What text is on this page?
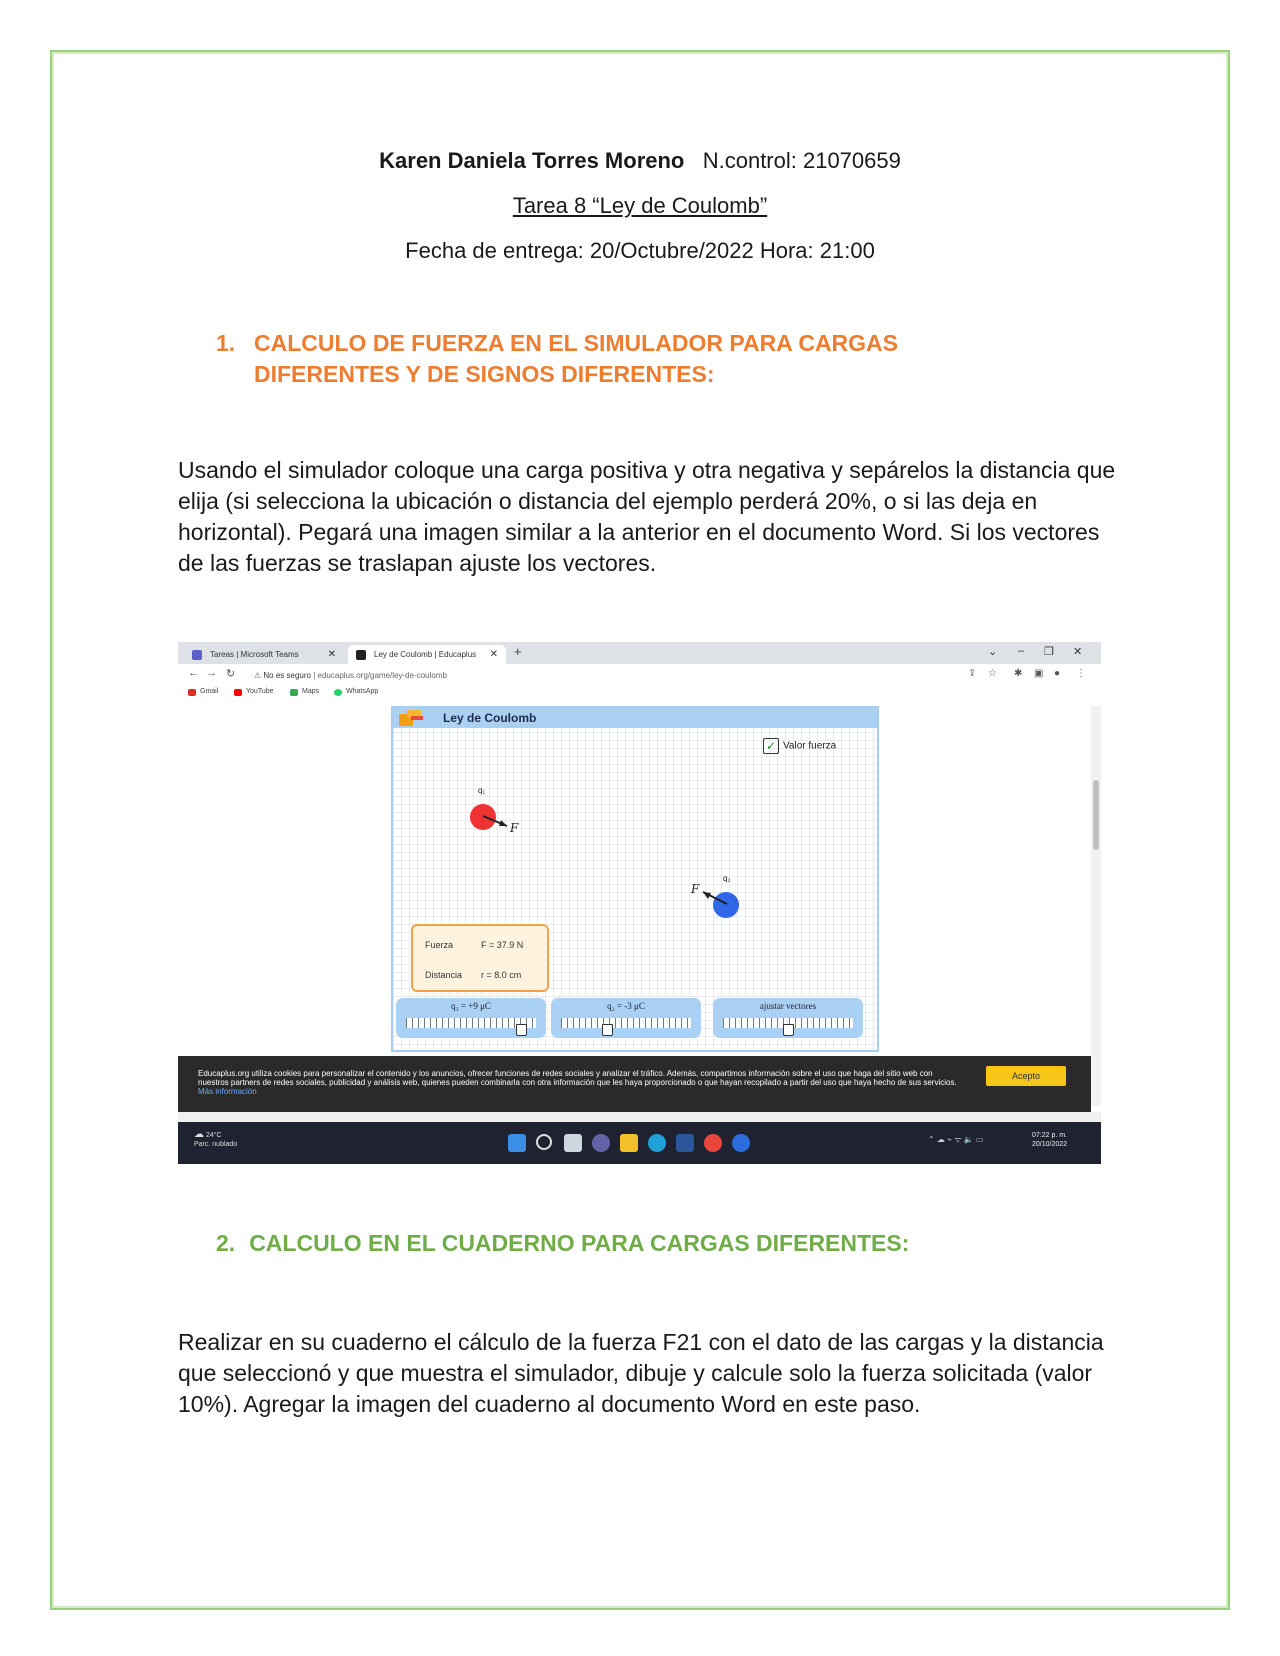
Karen Daniela Torres Moreno N.control: 21070659
Tarea 8 “Ley de Coulomb”
Fecha de entrega: 20/Octubre/2022 Hora: 21:00
1. CALCULO DE FUERZA EN EL SIMULADOR PARA CARGAS DIFERENTES Y DE SIGNOS DIFERENTES:
Usando el simulador coloque una carga positiva y otra negativa y sepárelos la distancia que elija (si selecciona la ubicación o distancia del ejemplo perderá 20%, o si las deja en horizontal). Pegará una imagen similar a la anterior en el documento Word. Si los vectores de las fuerzas se traslapan ajuste los vectores.
Tareas | Microsoft Teams	✕	Ley de Coulomb | Educaplus ✕ +	⌄ – ❐ ✕
← → ↻ ⚠ No es seguro | educaplus.org/game/ley-de-coulomb	⇪ ☆ ✱ ▣ ● ⋮
Gmail	YouTube	Maps	WhatsApp
Ley de Coulomb
✓ Valor fuerza
q₁
F
q₂
F
Fuerza	F = 37.9 N
Distancia r = 8.0 cm
q₁ = +9 μC	q₂ = -3 μC	ajustar vectores
Educaplus.org utiliza cookies para personalizar el contenido y los anuncios, ofrecer funciones de redes sociales y analizar el tráfico. Además, compartimos información sobre el uso que haga del sitio web con nuestros partners de redes sociales, publicidad y análisis web, quienes pueden combinarla con otra información que les haya proporcionado o que hayan recopilado a partir del uso que haya hecho de sus servicios. Más información
Acepto
☁ 24°C
Parc. nublado
⌃ ☁ ⌁ ᯤ 🔈 ▭	07:22 p. m.
20/10/2022
2. CALCULO EN EL CUADERNO PARA CARGAS DIFERENTES:
Realizar en su cuaderno el cálculo de la fuerza F21 con el dato de las cargas y la distancia que seleccionó y que muestra el simulador, dibuje y calcule solo la fuerza solicitada (valor 10%). Agregar la imagen del cuaderno al documento Word en este paso.
